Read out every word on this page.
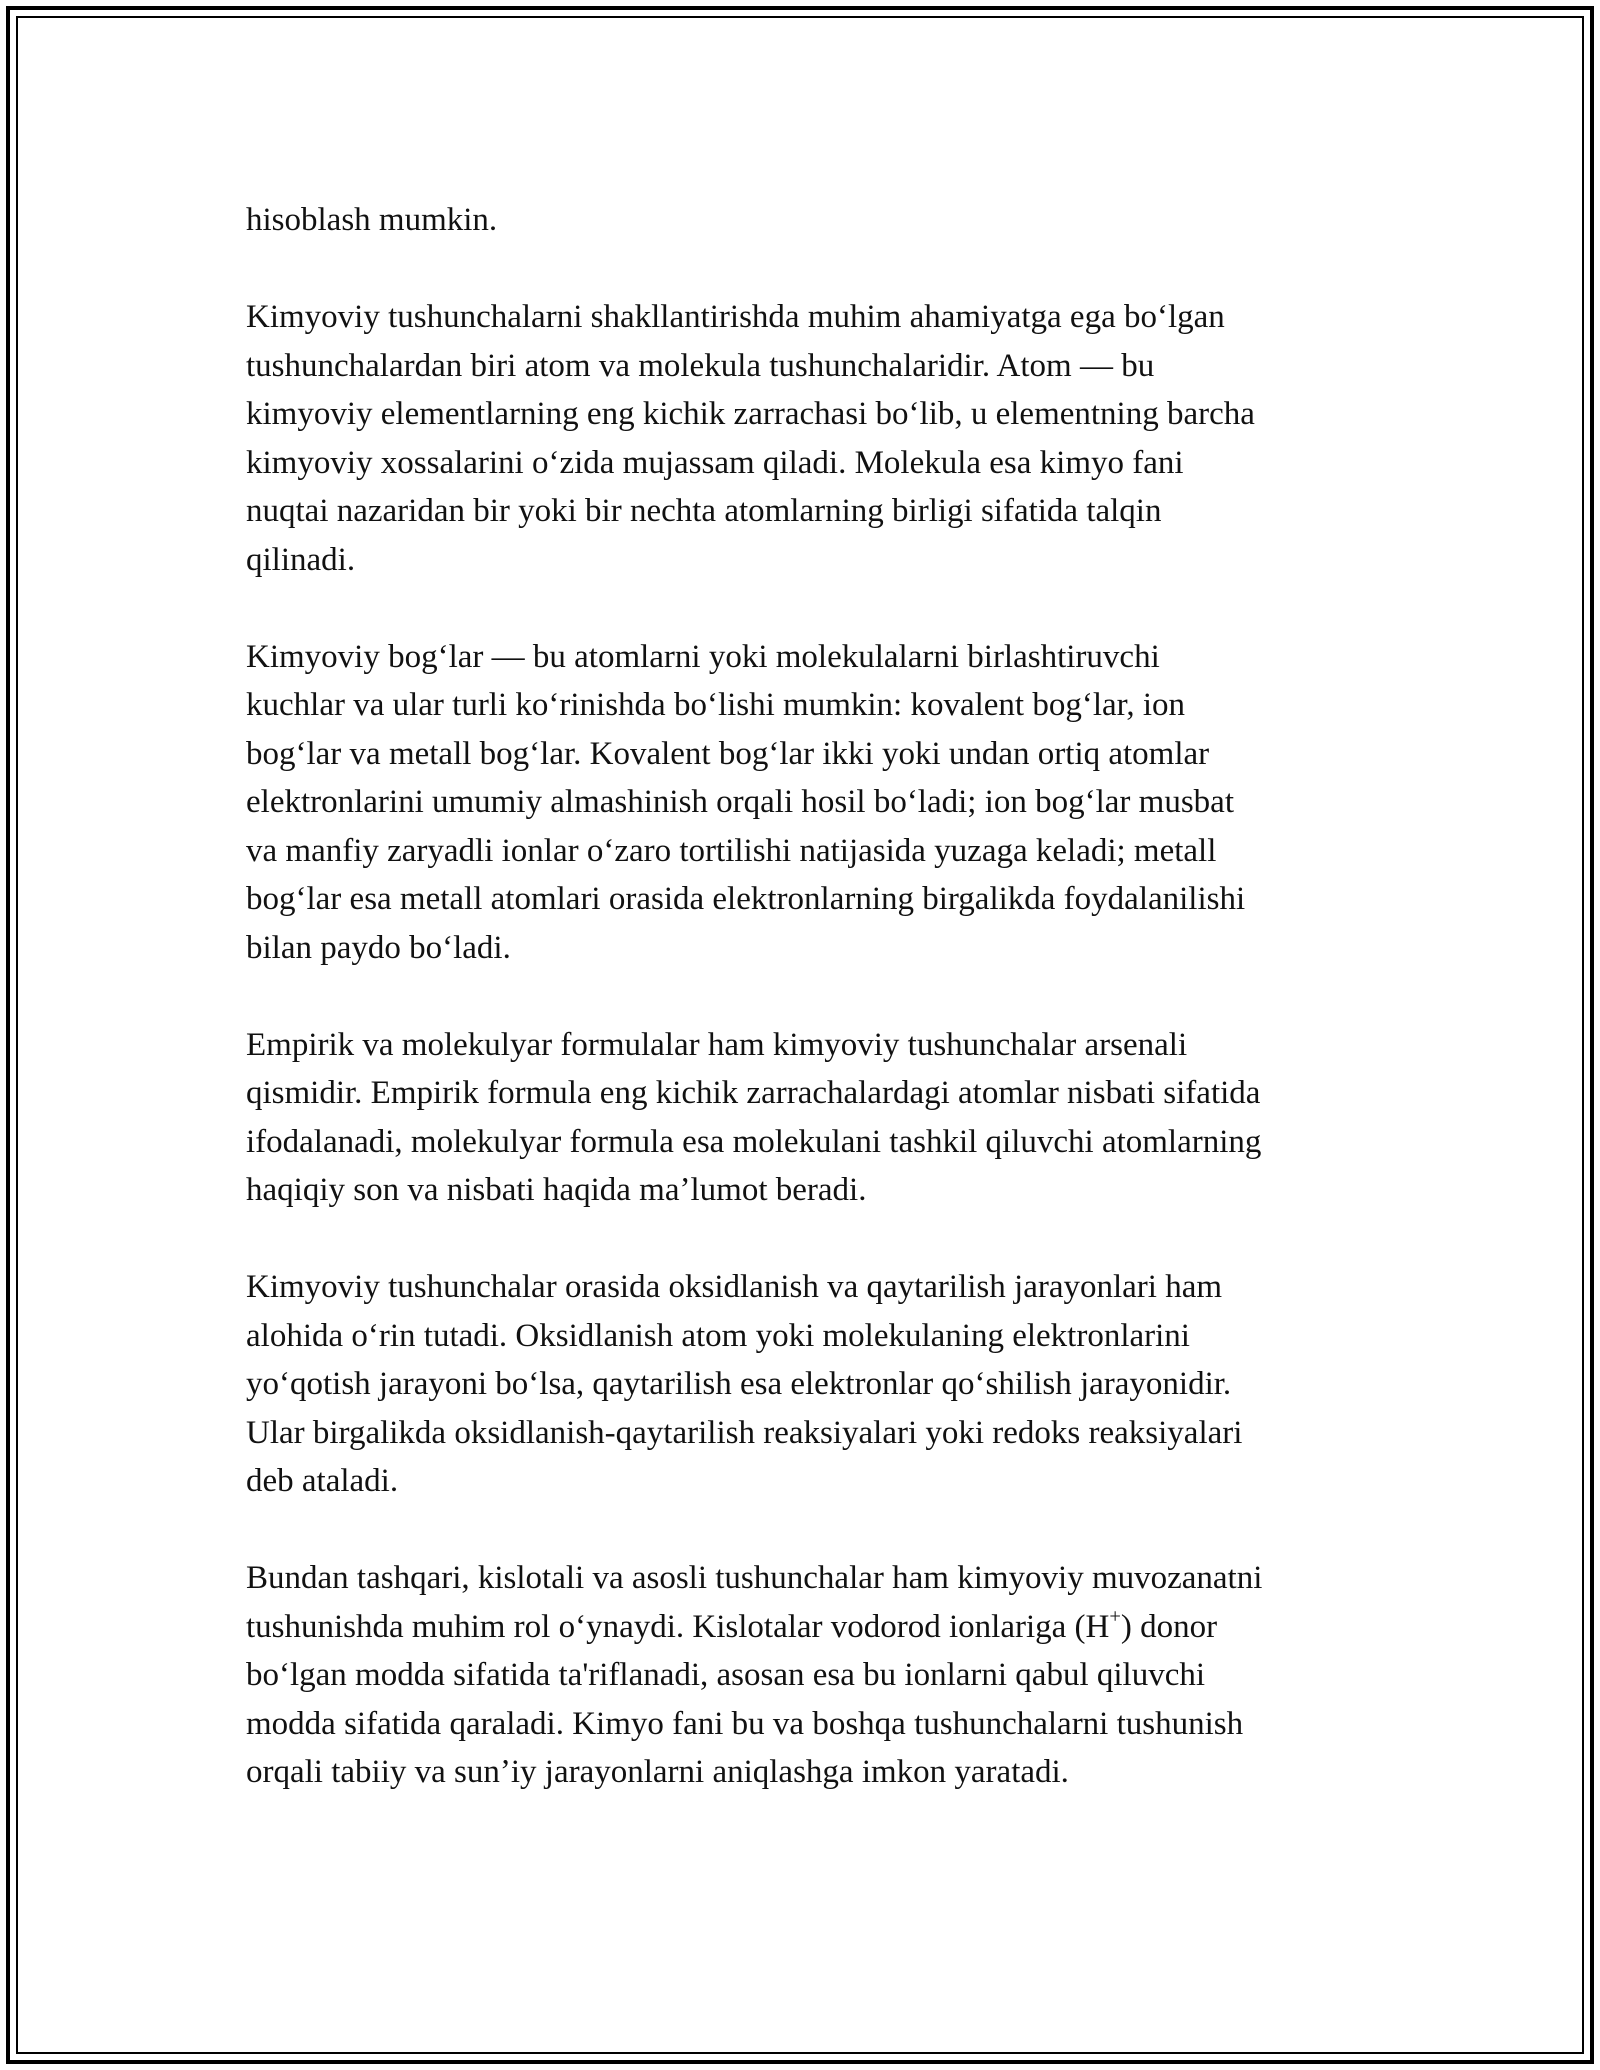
hisoblash mumkin.

Kimyoviy tushunchalarni shakllantirishda muhim ahamiyatga ega boʻlgan
tushunchalardan biri atom va molekula tushunchalaridir. Atom — bu
kimyoviy elementlarning eng kichik zarrachasi boʻlib, u elementning barcha
kimyoviy xossalarini oʻzida mujassam qiladi. Molekula esa kimyo fani
nuqtai nazaridan bir yoki bir nechta atomlarning birligi sifatida talqin
qilinadi.

Kimyoviy bogʻlar — bu atomlarni yoki molekulalarni birlashtiruvchi
kuchlar va ular turli koʻrinishda boʻlishi mumkin: kovalent bogʻlar, ion
bogʻlar va metall bogʻlar. Kovalent bogʻlar ikki yoki undan ortiq atomlar
elektronlarini umumiy almashinish orqali hosil boʻladi; ion bogʻlar musbat
va manfiy zaryadli ionlar oʻzaro tortilishi natijasida yuzaga keladi; metall
bogʻlar esa metall atomlari orasida elektronlarning birgalikda foydalanilishi
bilan paydo boʻladi.

Empirik va molekulyar formulalar ham kimyoviy tushunchalar arsenali
qismidir. Empirik formula eng kichik zarrachalardagi atomlar nisbati sifatida
ifodalanadi, molekulyar formula esa molekulani tashkil qiluvchi atomlarning
haqiqiy son va nisbati haqida maʼlumot beradi.

Kimyoviy tushunchalar orasida oksidlanish va qaytarilish jarayonlari ham
alohida oʻrin tutadi. Oksidlanish atom yoki molekulaning elektronlarini
yoʻqotish jarayoni boʻlsa, qaytarilish esa elektronlar qoʻshilish jarayonidir.
Ular birgalikda oksidlanish-qaytarilish reaksiyalari yoki redoks reaksiyalari
deb ataladi.

Bundan tashqari, kislotali va asosli tushunchalar ham kimyoviy muvozanatni
tushunishda muhim rol oʻynaydi. Kislotalar vodorod ionlariga (H+) donor
boʻlgan modda sifatida ta'riflanadi, asosan esa bu ionlarni qabul qiluvchi
modda sifatida qaraladi. Kimyo fani bu va boshqa tushunchalarni tushunish
orqali tabiiy va sunʼiy jarayonlarni aniqlashga imkon yaratadi.
